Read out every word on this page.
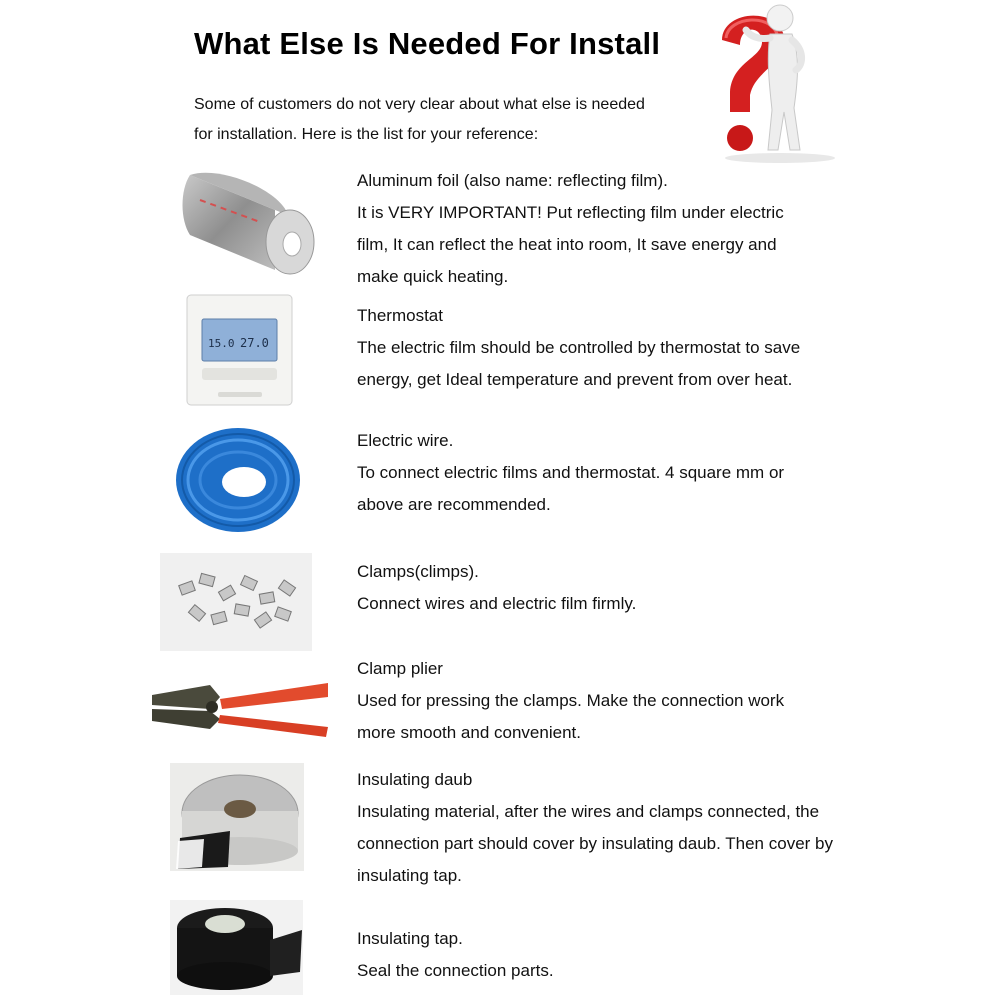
What Else Is Needed For Install
Some of customers do not very clear about what else is needed
for installation. Here is the list for your reference:
15.0 27.0
Aluminum foil (also name: reflecting film).
It is VERY IMPORTANT! Put reflecting film under electric
film, It can reflect the heat into room, It save energy and
make quick heating.
Thermostat
The electric film should be controlled by thermostat to save
energy, get Ideal temperature and prevent from over heat.
Electric wire.
To connect electric films and thermostat. 4 square mm or
above are recommended.
Clamps(climps).
Connect wires and electric film firmly.
Clamp plier
Used for pressing the clamps. Make the connection work
more smooth and convenient.
Insulating daub
Insulating material, after the wires and clamps connected, the
connection part should cover by insulating daub. Then cover by
insulating tap.
Insulating tap.
Seal the connection parts.
